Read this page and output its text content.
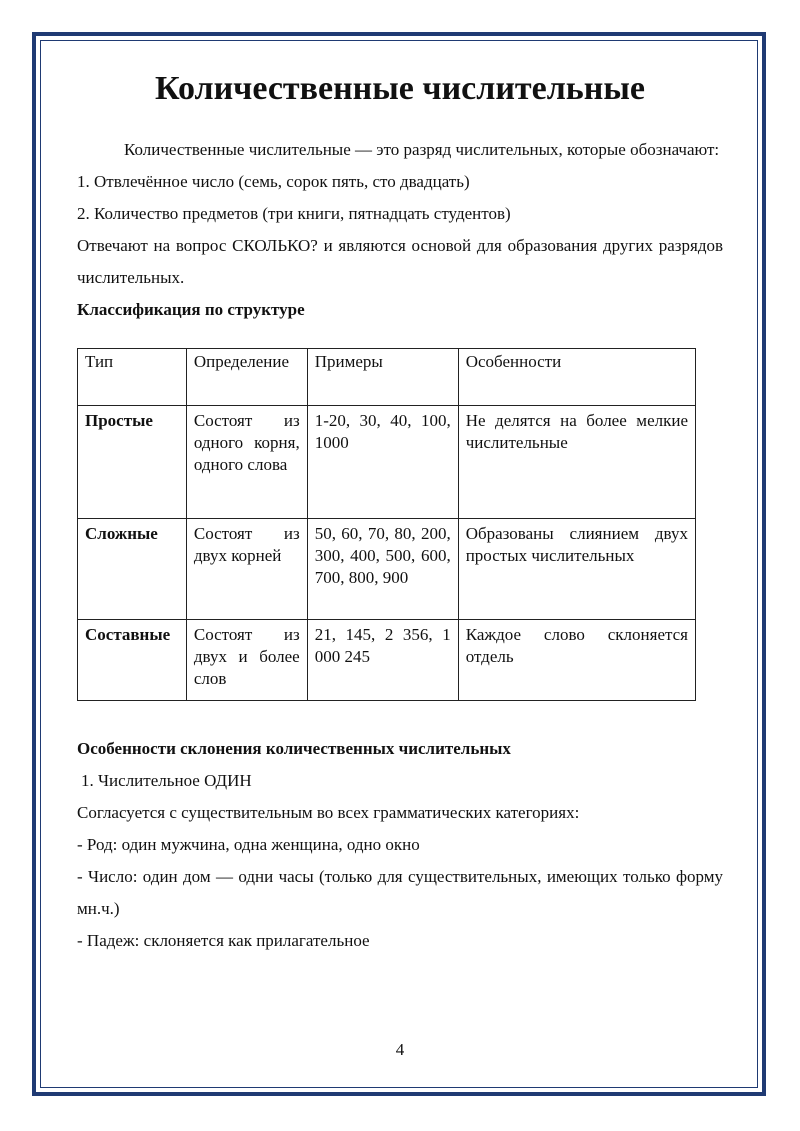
Количественные числительные

Количественные числительные — это разряд числительных, которые обозначают:

1. Отвлечённое число (семь, сорок пять, сто двадцать)

2. Количество предметов (три книги, пятнадцать студентов)

Отвечают на вопрос СКОЛЬКО? и являются основой для образования других разрядов числительных.

Классификация по структуре

Тип	Определение	Примеры	Особенности
Простые	Состоят из одного корня, одного слова	1-20, 30, 40, 100, 1000	Не делятся на более мелкие числительные
Сложные	Состоят из двух корней	50, 60, 70, 80, 200, 300, 400, 500, 600, 700, 800, 900	Образованы слиянием двух простых числительных
Составные	Состоят из двух и более слов	21, 145, 2 356, 1 000 245	Каждое слово склоняется отдель

Особенности склонения количественных числительных

1. Числительное ОДИН

Согласуется с существительным во всех грамматических категориях:

- Род: один мужчина, одна женщина, одно окно

- Число: один дом — одни часы (только для существительных, имеющих только форму мн.ч.)

- Падеж: склоняется как прилагательное

4
